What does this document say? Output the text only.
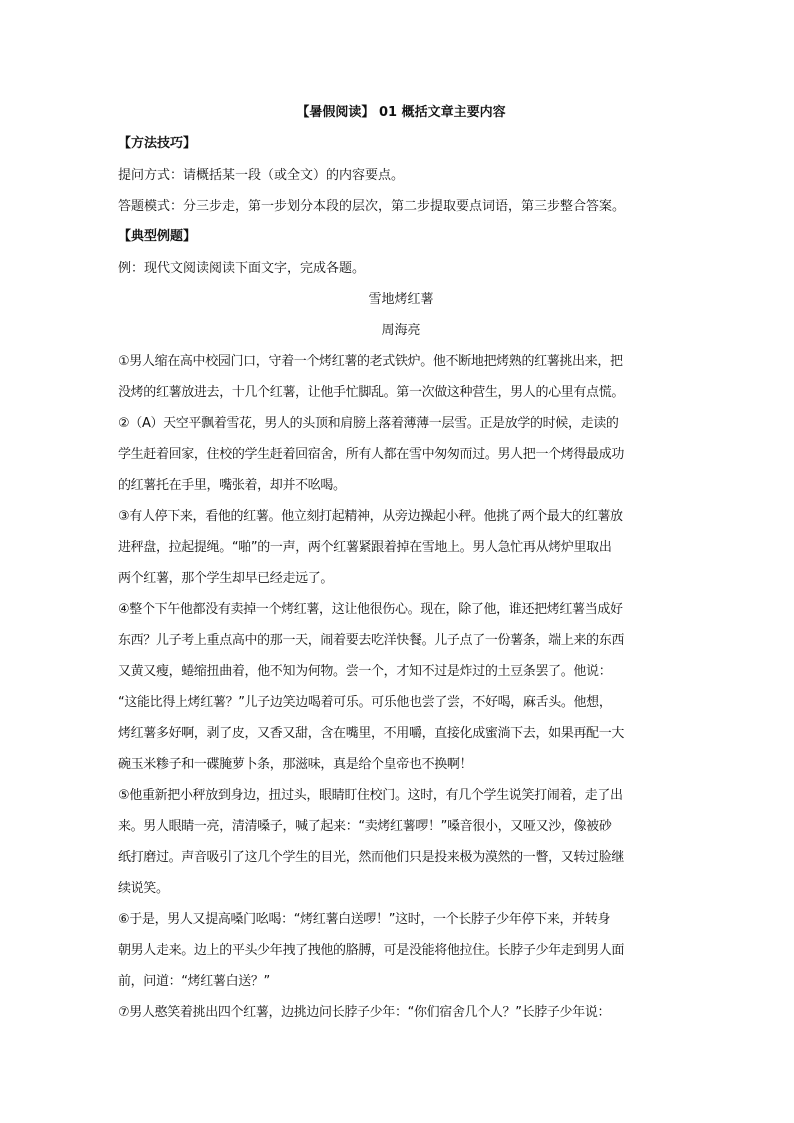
【暑假阅读】 01 概括文章主要内容
【方法技巧】
提问方式：请概括某一段（或全文）的内容要点。
答题模式：分三步走，第一步划分本段的层次，第二步提取要点词语，第三步整合答案。
【典型例题】
例：现代文阅读阅读下面文字，完成各题。
雪地烤红薯
周海亮
①男人缩在高中校园门口，守着一个烤红薯的老式铁炉。他不断地把烤熟的红薯挑出来，把
没烤的红薯放进去，十几个红薯，让他手忙脚乱。第一次做这种营生，男人的心里有点慌。
②（A）天空平飘着雪花，男人的头顶和肩膀上落着薄薄一层雪。正是放学的时候，走读的
学生赶着回家，住校的学生赶着回宿舍，所有人都在雪中匆匆而过。男人把一个烤得最成功
的红薯托在手里，嘴张着，却并不吆喝。
③有人停下来，看他的红薯。他立刻打起精神，从旁边操起小秤。他挑了两个最大的红薯放
进秤盘，拉起提绳。“啪”的一声，两个红薯紧跟着掉在雪地上。男人急忙再从烤炉里取出
两个红薯，那个学生却早已经走远了。
④整个下午他都没有卖掉一个烤红薯，这让他很伤心。现在，除了他，谁还把烤红薯当成好
东西？儿子考上重点高中的那一天，闹着要去吃洋快餐。儿子点了一份薯条，端上来的东西
又黄又瘦，蜷缩扭曲着，他不知为何物。尝一个，才知不过是炸过的土豆条罢了。他说：
“这能比得上烤红薯？”儿子边笑边喝着可乐。可乐他也尝了尝，不好喝，麻舌头。他想，
烤红薯多好啊，剥了皮，又香又甜，含在嘴里，不用嚼，直接化成蜜淌下去，如果再配一大
碗玉米糁子和一碟腌萝卜条，那滋味，真是给个皇帝也不换啊！
⑤他重新把小秤放到身边，扭过头，眼睛盯住校门。这时，有几个学生说笑打闹着，走了出
来。男人眼睛一亮，清清嗓子，喊了起来：“卖烤红薯啰！”嗓音很小，又哑又沙，像被砂
纸打磨过。声音吸引了这几个学生的目光，然而他们只是投来极为漠然的一瞥，又转过脸继
续说笑。
⑥于是，男人又提高嗓门吆喝：“烤红薯白送啰！”这时，一个长脖子少年停下来，并转身
朝男人走来。边上的平头少年拽了拽他的胳膊，可是没能将他拉住。长脖子少年走到男人面
前，问道：“烤红薯白送？”
⑦男人憨笑着挑出四个红薯，边挑边问长脖子少年：“你们宿舍几个人？”长脖子少年说：
